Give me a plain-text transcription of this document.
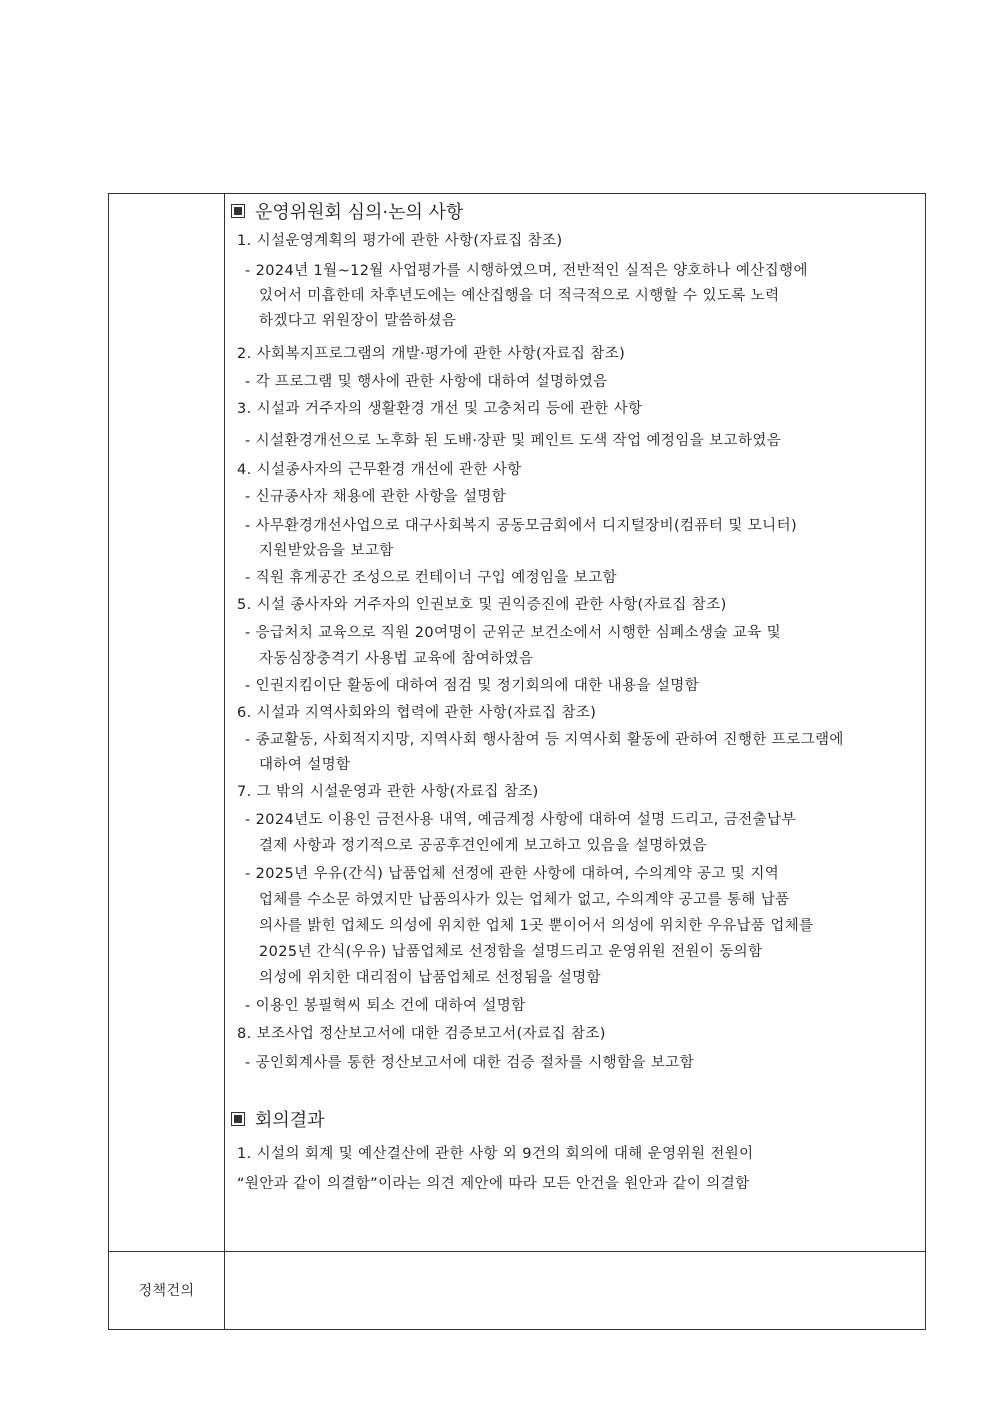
운영위원회 심의·논의 사항
1. 시설운영계획의 평가에 관한 사항(자료집 참조)
- 2024년 1월~12월 사업평가를 시행하였으며, 전반적인 실적은 양호하나 예산집행에
있어서 미흡한데 차후년도에는 예산집행을 더 적극적으로 시행할 수 있도록 노력
하겠다고 위원장이 말씀하셨음
2. 사회복지프로그램의 개발·평가에 관한 사항(자료집 참조)
- 각 프로그램 및 행사에 관한 사항에 대하여 설명하였음
3. 시설과 거주자의 생활환경 개선 및 고충처리 등에 관한 사항
- 시설환경개선으로 노후화 된 도배·장판 및 페인트 도색 작업 예정임을 보고하였음
4. 시설종사자의 근무환경 개선에 관한 사항
- 신규종사자 채용에 관한 사항을 설명함
- 사무환경개선사업으로 대구사회복지 공동모금회에서 디지털장비(컴퓨터 및 모니터)
지원받았음을 보고함
- 직원 휴게공간 조성으로 컨테이너 구입 예정임을 보고함
5. 시설 종사자와 거주자의 인권보호 및 권익증진에 관한 사항(자료집 참조)
- 응급처치 교육으로 직원 20여명이 군위군 보건소에서 시행한 심폐소생술 교육 및
자동심장충격기 사용법 교육에 참여하였음
- 인권지킴이단 활동에 대하여 점검 및 정기회의에 대한 내용을 설명함
6. 시설과 지역사회와의 협력에 관한 사항(자료집 참조)
- 종교활동, 사회적지지망, 지역사회 행사참여 등 지역사회 활동에 관하여 진행한 프로그램에
대하여 설명함
7. 그 밖의 시설운영과 관한 사항(자료집 참조)
- 2024년도 이용인 금전사용 내역, 예금계정 사항에 대하여 설명 드리고, 금전출납부
결제 사항과 정기적으로 공공후견인에게 보고하고 있음을 설명하였음
- 2025년 우유(간식) 납품업체 선정에 관한 사항에 대하여, 수의계약 공고 및 지역
업체를 수소문 하였지만 납품의사가 있는 업체가 없고, 수의계약 공고를 통해 납품
의사를 밝힌 업체도 의성에 위치한 업체 1곳 뿐이어서 의성에 위치한 우유납품 업체를
2025년 간식(우유) 납품업체로 선정함을 설명드리고 운영위원 전원이 동의함
의성에 위치한 대리점이 납품업체로 선정됨을 설명함
- 이용인 봉필혁씨 퇴소 건에 대하여 설명함
8. 보조사업 정산보고서에 대한 검증보고서(자료집 참조)
- 공인회계사를 통한 정산보고서에 대한 검증 절차를 시행함을 보고함
회의결과
1. 시설의 회계 및 예산결산에 관한 사항 외 9건의 회의에 대해 운영위원 전원이
“원안과 같이 의결함”이라는 의견 제안에 따라 모든 안건을 원안과 같이 의결함
정책건의
